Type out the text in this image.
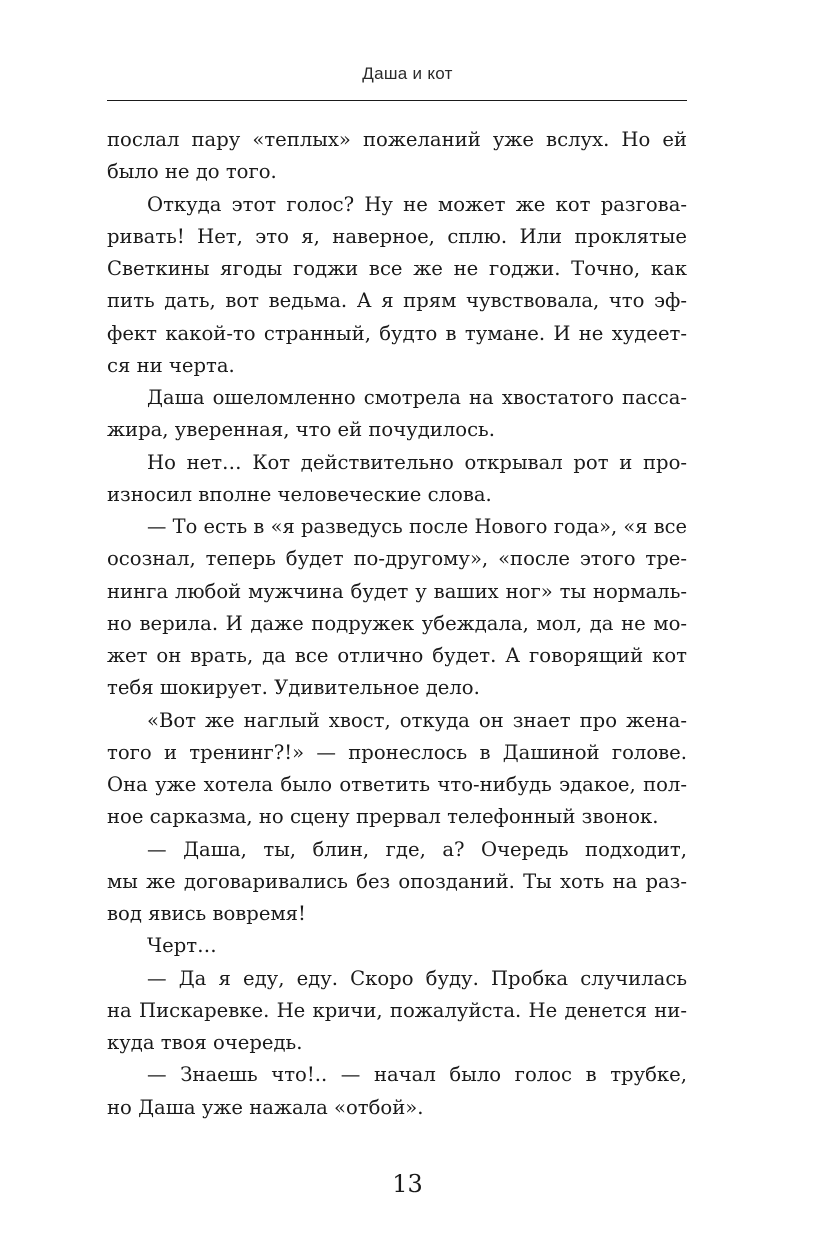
Даша и кот
послал пару «теплых» пожеланий уже вслух. Но ей
было не до того.
Откуда этот голос? Ну не может же кот разгова-
ривать! Нет, это я, наверное, сплю. Или проклятые
Светкины ягоды годжи все же не годжи. Точно, как
пить дать, вот ведьма. А я прям чувствовала, что эф-
фект какой-то странный, будто в тумане. И не худеет-
ся ни черта.
Даша ошеломленно смотрела на хвостатого пасса-
жира, уверенная, что ей почудилось.
Но нет… Кот действительно открывал рот и про-
износил вполне человеческие слова.
— То есть в «я разведусь после Нового года», «я все
осознал, теперь будет по-другому», «после этого тре-
нинга любой мужчина будет у ваших ног» ты нормаль-
но верила. И даже подружек убеждала, мол, да не мо-
жет он врать, да все отлично будет. А говорящий кот
тебя шокирует. Удивительное дело.
«Вот же наглый хвост, откуда он знает про жена-
того и тренинг?!» — пронеслось в Дашиной голове.
Она уже хотела было ответить что-нибудь эдакое, пол-
ное сарказма, но сцену прервал телефонный звонок.
— Даша, ты, блин, где, а? Очередь подходит,
мы же договаривались без опозданий. Ты хоть на раз-
вод явись вовремя!
Черт…
— Да я еду, еду. Скоро буду. Пробка случилась
на Пискаревке. Не кричи, пожалуйста. Не денется ни-
куда твоя очередь.
— Знаешь что!.. — начал было голос в трубке,
но Даша уже нажала «отбой».
13
